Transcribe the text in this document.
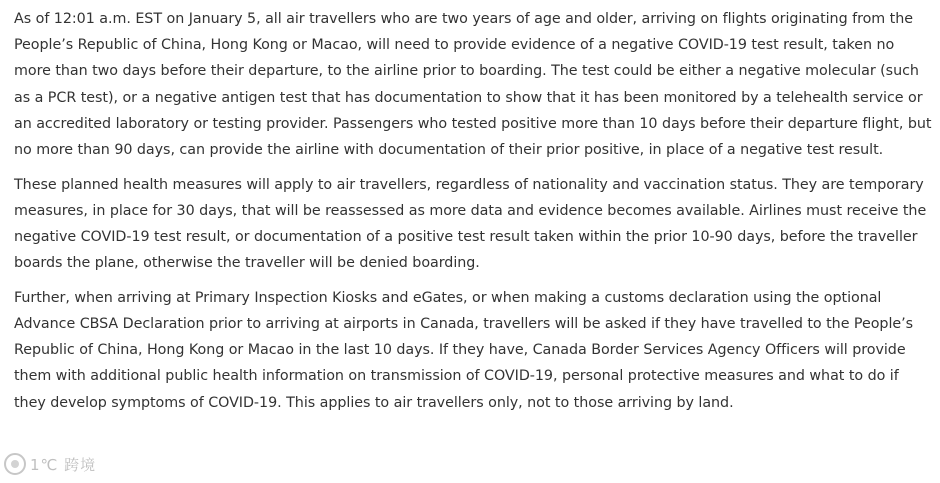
As of 12:01 a.m. EST on January 5, all air travellers who are two years of age and older, arriving on flights originating from the People’s Republic of China, Hong Kong or Macao, will need to provide evidence of a negative COVID-19 test result, taken no more than two days before their departure, to the airline prior to boarding. The test could be either a negative molecular (such as a PCR test), or a negative antigen test that has documentation to show that it has been monitored by a telehealth service or an accredited laboratory or testing provider. Passengers who tested positive more than 10 days before their departure flight, but no more than 90 days, can provide the airline with documentation of their prior positive, in place of a negative test result.

These planned health measures will apply to air travellers, regardless of nationality and vaccination status. They are temporary measures, in place for 30 days, that will be reassessed as more data and evidence becomes available. Airlines must receive the negative COVID-19 test result, or documentation of a positive test result taken within the prior 10-90 days, before the traveller boards the plane, otherwise the traveller will be denied boarding.

Further, when arriving at Primary Inspection Kiosks and eGates, or when making a customs declaration using the optional Advance CBSA Declaration prior to arriving at airports in Canada, travellers will be asked if they have travelled to the People’s Republic of China, Hong Kong or Macao in the last 10 days. If they have, Canada Border Services Agency Officers will provide them with additional public health information on transmission of COVID-19, personal protective measures and what to do if they develop symptoms of COVID-19. This applies to air travellers only, not to those arriving by land.

1℃ 跨境
